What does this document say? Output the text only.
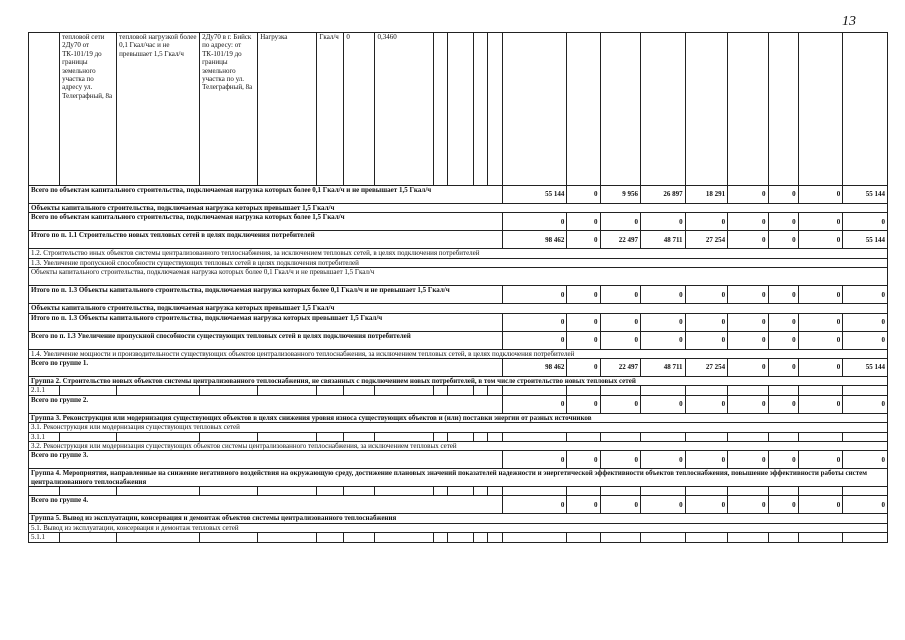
13
	тепловой сети 2Ду70 от ТК-101/19 до границы земельного участка по адресу ул. Телеграфный, 8а	тепловой нагрузкой более 0,1 Гкал/час и не превышает 1,5 Гкал/ч	2Ду70 в г. Бийск по адресу: от ТК-101/19 до границы земельного участка по ул. Телеграфный, 8а	Нагрузка	Гкал/ч	0	0,3460													
Всего по объектам капитального строительства, подключаемая нагрузка которых более 0,1 Гкал/ч и не превышает 1,5 Гкал/ч												55 144	0	9 956	26 897	18 291	0	0	0	55 144
Объекты капитального строительства, подключаемая нагрузка которых превышает 1,5 Гкал/ч																				
Всего по объектам капитального строительства, подключаемая нагрузка которых более 1,5 Гкал/ч												0	0	0	0	0	0	0	0	0
Итого по п. 1.1 Строительство новых тепловых сетей в целях подключения потребителей												98 462	0	22 497	48 711	27 254	0	0	0	55 144
1.2. Строительство иных объектов системы централизованного теплоснабжения, за исключением тепловых сетей, в целях подключения потребителей																				
1.3. Увеличение пропускной способности существующих тепловых сетей в целях подключения потребителей																				
Объекты капитального строительства, подключаемая нагрузка которых более 0,1 Гкал/ч и не превышает 1,5 Гкал/ч																				
Итого по п. 1.3 Объекты капитального строительства, подключаемая нагрузка которых более 0,1 Гкал/ч и не превышает 1,5 Гкал/ч												0	0	0	0	0	0	0	0	0
Объекты капитального строительства, подключаемая нагрузка которых превышает 1,5 Гкал/ч																				
Итого по п. 1.3 Объекты капитального строительства, подключаемая нагрузка которых превышает 1,5 Гкал/ч												0	0	0	0	0	0	0	0	0
Всего по п. 1.3 Увеличение пропускной способности существующих тепловых сетей в целях подключения потребителей												0	0	0	0	0	0	0	0	0
1.4. Увеличение мощности и производительности существующих объектов централизованного теплоснабжения, за исключением тепловых сетей, в целях подключения потребителей																				
Всего по группе 1.												98 462	0	22 497	48 711	27 254	0	0	0	55 144
Группа 2. Строительство новых объектов системы централизованного теплоснабжения, не связанных с подключением новых потребителей, в том числе строительство новых тепловых сетей																				
2.1.1																				
Всего по группе 2.												0	0	0	0	0	0	0	0	0
Группа 3. Реконструкция или модернизация существующих объектов в целях снижения уровня износа существующих объектов и (или) поставки энергии от разных источников																				
3.1. Реконструкция или модернизация существующих тепловых сетей																				
3.1.1																				
3.2. Реконструкция или модернизация существующих объектов системы централизованного теплоснабжения, за исключением тепловых сетей																				
Всего по группе 3.												0	0	0	0	0	0	0	0	0
Группа 4. Мероприятия, направленные на снижение негативного воздействия на окружающую среду, достижение плановых значений показателей надежности и энергетической эффективности объектов теплоснабжения, повышение эффективности работы систем централизованного теплоснабжения																				

Всего по группе 4.												0	0	0	0	0	0	0	0	0
Группа 5. Вывод из эксплуатации, консервация и демонтаж объектов системы централизованного теплоснабжения																				
5.1. Вывод из эксплуатации, консервация и демонтаж тепловых сетей																				
5.1.1																				
